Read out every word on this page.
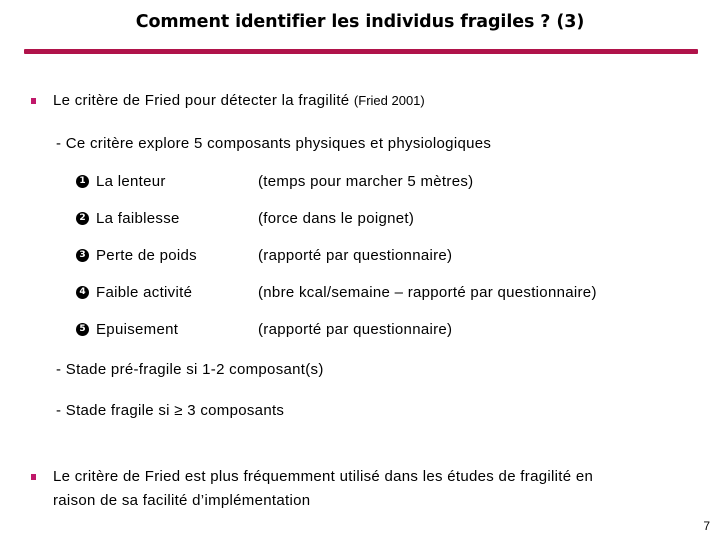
Comment identifier les individus fragiles ? (3)
Le critère de Fried pour détecter la fragilité (Fried 2001)
- Ce critère explore 5 composants physiques et physiologiques
1 La lenteur	(temps pour marcher 5 mètres)
2 La faiblesse	(force dans le poignet)
3 Perte de poids	(rapporté par questionnaire)
4 Faible activité	(nbre kcal/semaine – rapporté par questionnaire)
5 Epuisement	(rapporté par questionnaire)
- Stade pré-fragile si 1-2 composant(s)
- Stade fragile si ≥ 3 composants
Le critère de Fried est plus fréquemment utilisé dans les études de fragilité en
raison de sa facilité d’implémentation
7
